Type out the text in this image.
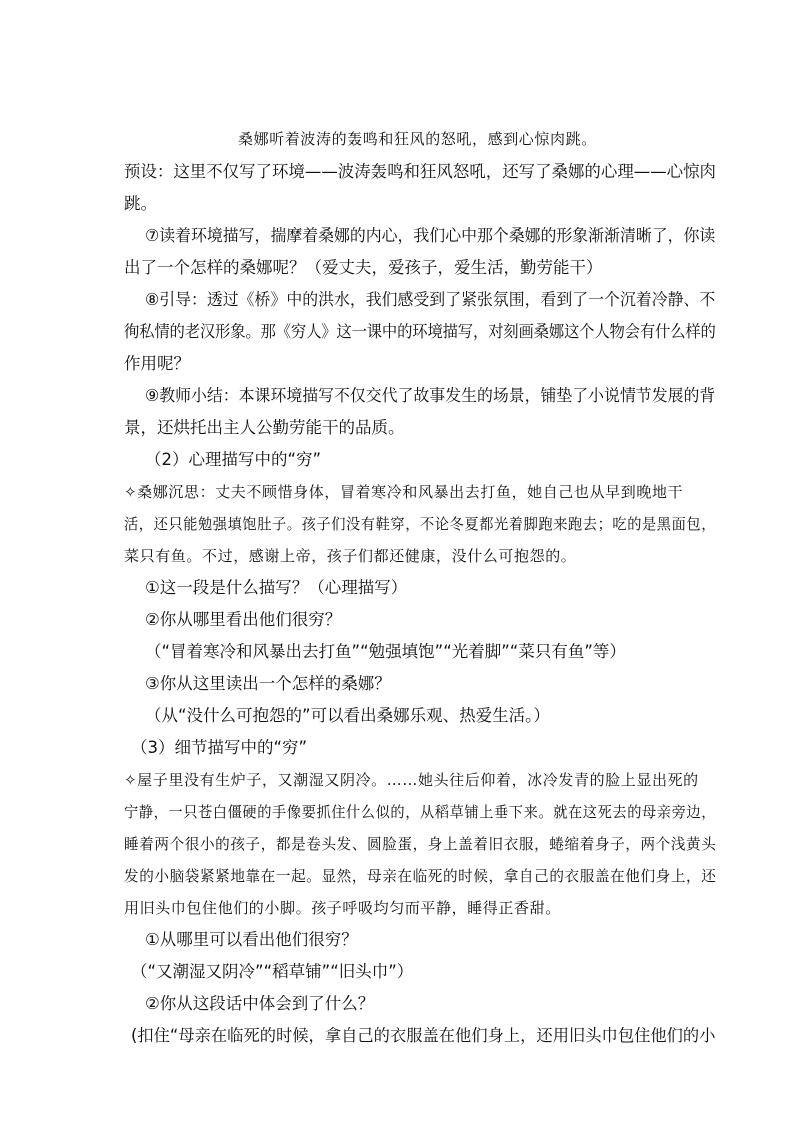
桑娜听着波涛的轰鸣和狂风的怒吼，感到心惊肉跳。
预设：这里不仅写了环境——波涛轰鸣和狂风怒吼，还写了桑娜的心理——心惊肉
跳。
⑦读着环境描写，揣摩着桑娜的内心，我们心中那个桑娜的形象渐渐清晰了，你读
出了一个怎样的桑娜呢？（爱丈夫，爱孩子，爱生活，勤劳能干）
⑧引导：透过《桥》中的洪水，我们感受到了紧张氛围，看到了一个沉着冷静、不
徇私情的老汉形象。那《穷人》这一课中的环境描写，对刻画桑娜这个人物会有什么样的
作用呢？
⑨教师小结：本课环境描写不仅交代了故事发生的场景，铺垫了小说情节发展的背
景，还烘托出主人公勤劳能干的品质。
（2）心理描写中的“穷”
✧桑娜沉思：丈夫不顾惜身体，冒着寒冷和风暴出去打鱼，她自己也从早到晚地干
活，还只能勉强填饱肚子。孩子们没有鞋穿，不论冬夏都光着脚跑来跑去；吃的是黑面包，
菜只有鱼。不过，感谢上帝，孩子们都还健康，没什么可抱怨的。
①这一段是什么描写？（心理描写）
②你从哪里看出他们很穷？
（“冒着寒冷和风暴出去打鱼”“勉强填饱”“光着脚”“菜只有鱼”等）
③你从这里读出一个怎样的桑娜？
（从“没什么可抱怨的”可以看出桑娜乐观、热爱生活。）
（3）细节描写中的“穷”
✧屋子里没有生炉子，又潮湿又阴冷。……她头往后仰着，冰冷发青的脸上显出死的
宁静，一只苍白僵硬的手像要抓住什么似的，从稻草铺上垂下来。就在这死去的母亲旁边，
睡着两个很小的孩子，都是卷头发、圆脸蛋，身上盖着旧衣服，蜷缩着身子，两个浅黄头
发的小脑袋紧紧地靠在一起。显然，母亲在临死的时候，拿自己的衣服盖在他们身上，还
用旧头巾包住他们的小脚。孩子呼吸均匀而平静，睡得正香甜。
①从哪里可以看出他们很穷？
（“又潮湿又阴冷”“稻草铺”“旧头巾”）
②你从这段话中体会到了什么？
(扣住“母亲在临死的时候，拿自己的衣服盖在他们身上，还用旧头巾包住他们的小
